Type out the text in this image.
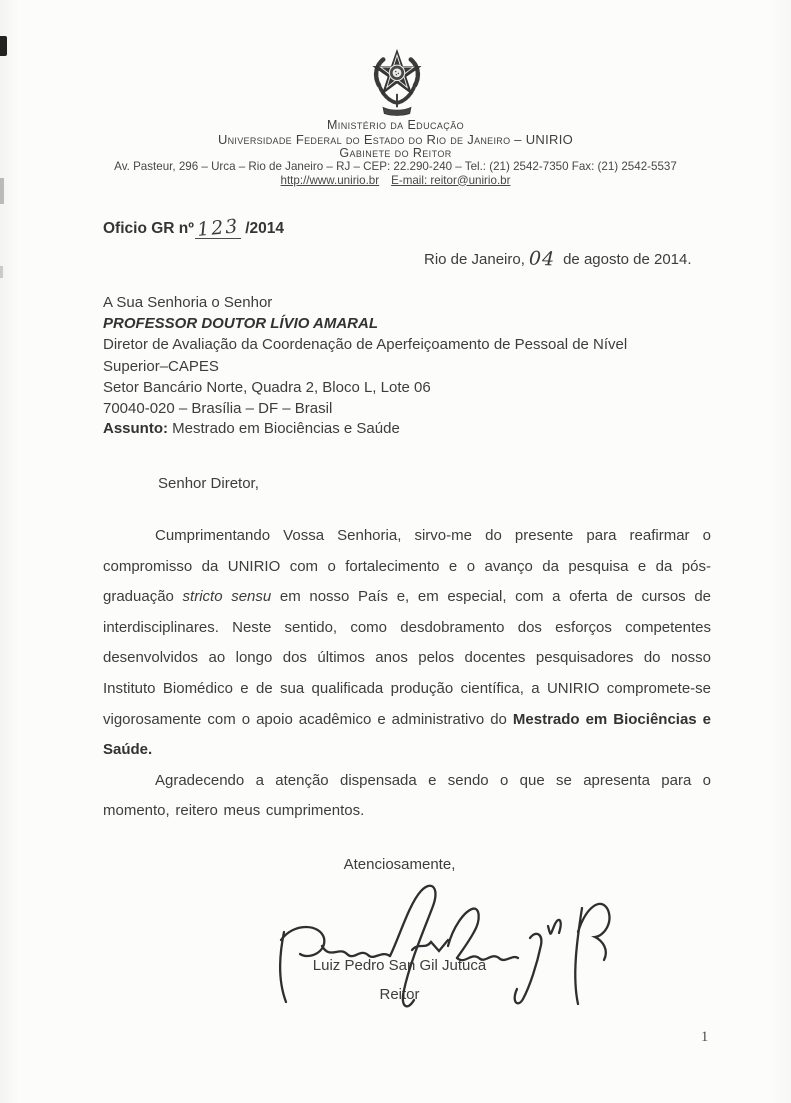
Ministério da Educação
Universidade Federal do Estado do Rio de Janeiro – UNIRIO
Gabinete do Reitor
Av. Pasteur, 296 – Urca – Rio de Janeiro – RJ – CEP: 22.290-240 – Tel.: (21) 2542-7350 Fax: (21) 2542-5537
http://www.unirio.br E-mail: reitor@unirio.br
Oficio GR nº 123 /2014
Rio de Janeiro, 04 de agosto de 2014.
A Sua Senhoria o Senhor
PROFESSOR DOUTOR LÍVIO AMARAL
Diretor de Avaliação da Coordenação de Aperfeiçoamento de Pessoal de Nível
Superior–CAPES
Setor Bancário Norte, Quadra 2, Bloco L, Lote 06
70040-020 – Brasília – DF – Brasil
Assunto: Mestrado em Biociências e Saúde
Senhor Diretor,

Cumprimentando Vossa Senhoria, sirvo-me do presente para reafirmar o compromisso da UNIRIO com o fortalecimento e o avanço da pesquisa e da pós-graduação stricto sensu em nosso País e, em especial, com a oferta de cursos de interdisciplinares. Neste sentido, como desdobramento dos esforços competentes desenvolvidos ao longo dos últimos anos pelos docentes pesquisadores do nosso Instituto Biomédico e de sua qualificada produção científica, a UNIRIO compromete-se vigorosamente com o apoio acadêmico e administrativo do Mestrado em Biociências e Saúde.

Agradecendo a atenção dispensada e sendo o que se apresenta para o momento, reitero meus cumprimentos.

Atenciosamente,
Luiz Pedro San Gil Jutuca
Reitor
1
